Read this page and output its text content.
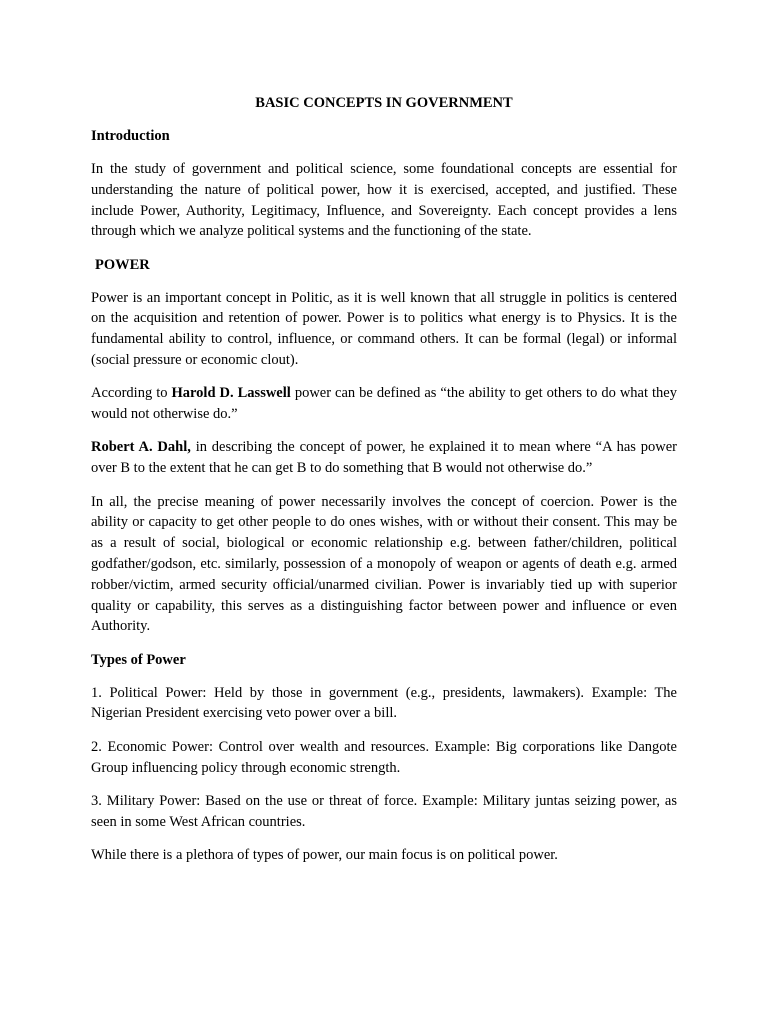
BASIC CONCEPTS IN GOVERNMENT
Introduction

In the study of government and political science, some foundational concepts are essential for understanding the nature of political power, how it is exercised, accepted, and justified. These include Power, Authority, Legitimacy, Influence, and Sovereignty. Each concept provides a lens through which we analyze political systems and the functioning of the state.

POWER

Power is an important concept in Politic, as it is well known that all struggle in politics is centered on the acquisition and retention of power. Power is to politics what energy is to Physics. It is the fundamental ability to control, influence, or command others. It can be formal (legal) or informal (social pressure or economic clout).

According to Harold D. Lasswell power can be defined as “the ability to get others to do what they would not otherwise do.”

Robert A. Dahl, in describing the concept of power, he explained it to mean where “A has power over B to the extent that he can get B to do something that B would not otherwise do.”

In all, the precise meaning of power necessarily involves the concept of coercion. Power is the ability or capacity to get other people to do ones wishes, with or without their consent. This may be as a result of social, biological or economic relationship e.g. between father/children, political godfather/godson, etc. similarly, possession of a monopoly of weapon or agents of death e.g. armed robber/victim, armed security official/unarmed civilian. Power is invariably tied up with superior quality or capability, this serves as a distinguishing factor between power and influence or even Authority.

Types of Power

1. Political Power: Held by those in government (e.g., presidents, lawmakers). Example: The Nigerian President exercising veto power over a bill.

2. Economic Power: Control over wealth and resources. Example: Big corporations like Dangote Group influencing policy through economic strength.

3. Military Power: Based on the use or threat of force. Example: Military juntas seizing power, as seen in some West African countries.

While there is a plethora of types of power, our main focus is on political power.
